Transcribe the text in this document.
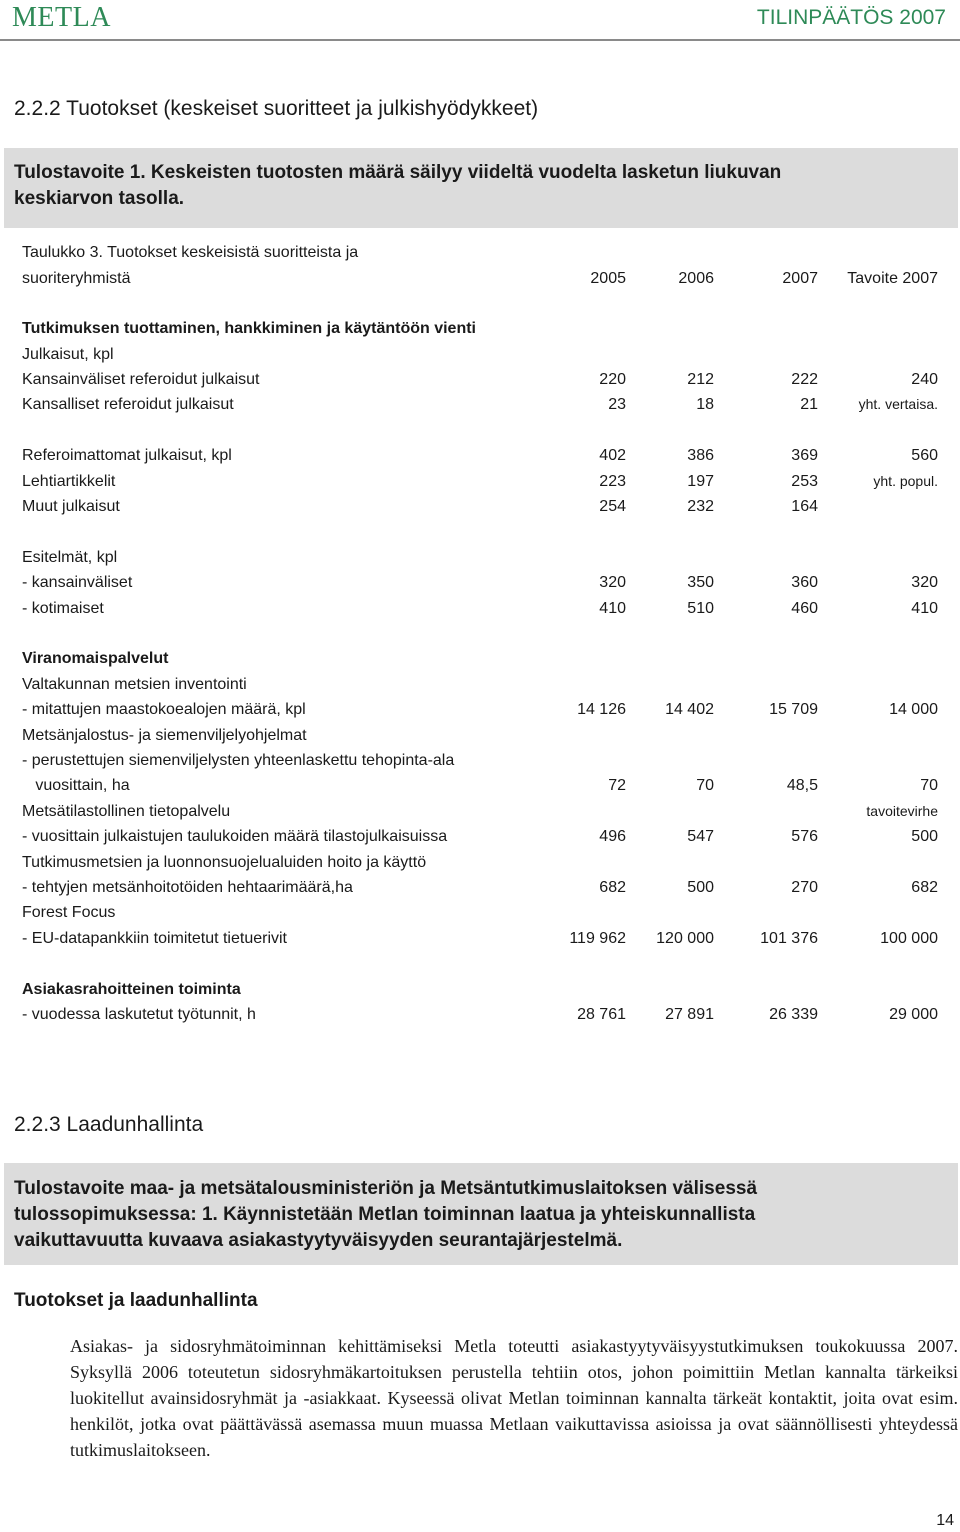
METLA	TILINPÄÄTÖS 2007
2.2.2 Tuotokset (keskeiset suoritteet ja julkishyödykkeet)
Tulostavoite 1. Keskeisten tuotosten määrä säilyy viideltä vuodelta lasketun liukuvan
keskiarvon tasolla.
Taulukko 3. Tuotokset keskeisistä suoritteista ja				
suoriteryhmistä	2005	2006	2007	Tavoite 2007

Tutkimuksen tuottaminen, hankkiminen ja käytäntöön vienti				
Julkaisut, kpl				
Kansainväliset referoidut julkaisut	220	212	222	240
Kansalliset referoidut julkaisut	23	18	21	yht. vertaisa.

Referoimattomat julkaisut, kpl	402	386	369	560
Lehtiartikkelit	223	197	253	yht. popul.
Muut julkaisut	254	232	164	

Esitelmät, kpl				
- kansainväliset	320	350	360	320
- kotimaiset	410	510	460	410

Viranomaispalvelut				
Valtakunnan metsien inventointi				
- mitattujen maastokoealojen määrä, kpl	14 126	14 402	15 709	14 000
Metsänjalostus- ja siemenviljelyohjelmat				
- perustettujen siemenviljelysten yhteenlaskettu tehopinta-ala				
vuosittain, ha	72	70	48,5	70
Metsätilastollinen tietopalvelu				tavoitevirhe
- vuosittain julkaistujen taulukoiden määrä tilastojulkaisuissa	496	547	576	500
Tutkimusmetsien ja luonnonsuojelualuiden hoito ja käyttö				
- tehtyjen metsänhoitotöiden hehtaarimäärä,ha	682	500	270	682
Forest Focus				
- EU-datapankkiin toimitetut tietuerivit	119 962	120 000	101 376	100 000

Asiakasrahoitteinen toiminta				
- vuodessa laskutetut työtunnit, h	28 761	27 891	26 339	29 000
2.2.3 Laadunhallinta
Tulostavoite maa- ja metsätalousministeriön ja Metsäntutkimuslaitoksen välisessä
tulossopimuksessa: 1. Käynnistetään Metlan toiminnan laatua ja yhteiskunnallista
vaikuttavuutta kuvaava asiakastyytyväisyyden seurantajärjestelmä.
Tuotokset ja laadunhallinta
Asiakas- ja sidosryhmätoiminnan kehittämiseksi Metla toteutti asiakastyytyväisyystutkimuksen toukokuussa 2007. Syksyllä 2006 toteutetun sidosryhmäkartoituksen perustella tehtiin otos, johon poimittiin Metlan kannalta tärkeiksi luokitellut avainsidosryhmät ja -asiakkaat. Kyseessä olivat Metlan toiminnan kannalta tärkeät kontaktit, joita ovat esim. henkilöt, jotka ovat päättävässä asemassa muun muassa Metlaan vaikuttavissa asioissa ja ovat säännöllisesti yhteydessä tutkimuslaitokseen.
14
